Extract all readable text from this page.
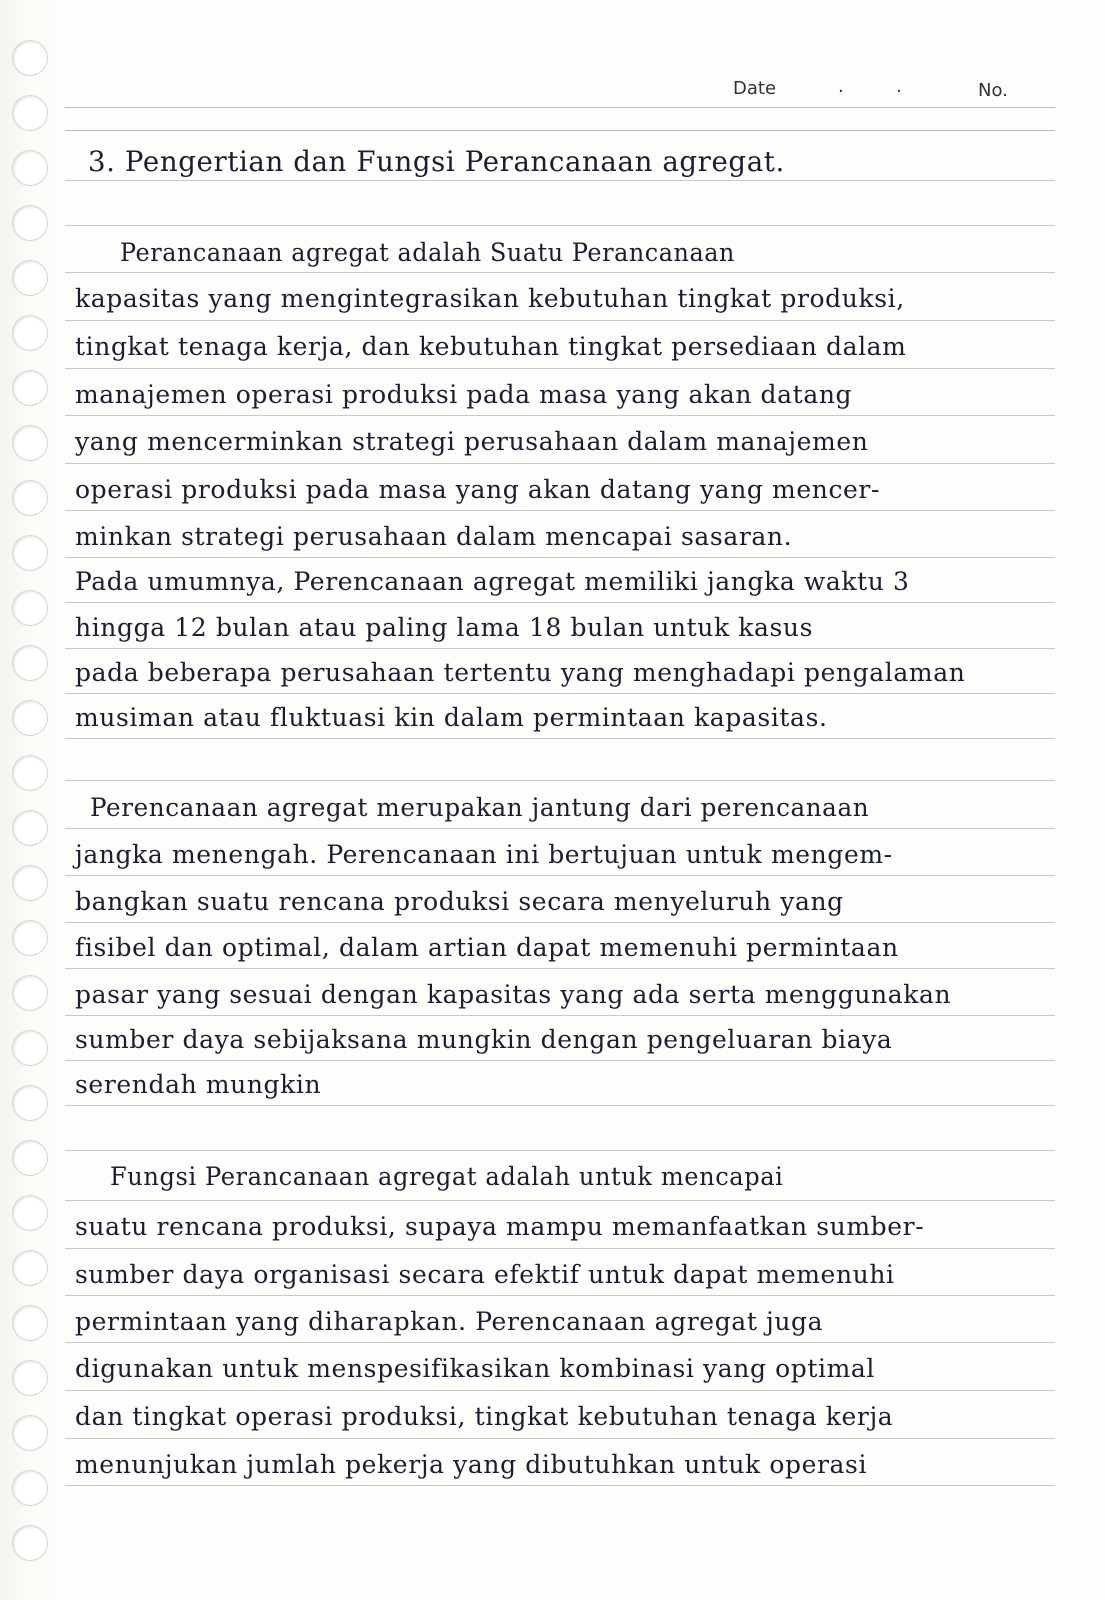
Date	.	.	No.
3. Pengertian dan Fungsi Perancanaan agregat.
Perancanaan agregat adalah Suatu Perancanaan
kapasitas yang mengintegrasikan kebutuhan tingkat produksi,
tingkat tenaga kerja, dan kebutuhan tingkat persediaan dalam
manajemen operasi produksi pada masa yang akan datang
yang mencerminkan strategi perusahaan dalam manajemen
operasi produksi pada masa yang akan datang yang mencer-
minkan strategi perusahaan dalam mencapai sasaran.
Pada umumnya, Perencanaan agregat memiliki jangka waktu 3
hingga 12 bulan atau paling lama 18 bulan untuk kasus
pada beberapa perusahaan tertentu yang menghadapi pengalaman
musiman atau fluktuasi kin dalam permintaan kapasitas.
Perencanaan agregat merupakan jantung dari perencanaan
jangka menengah. Perencanaan ini bertujuan untuk mengem-
bangkan suatu rencana produksi secara menyeluruh yang
fisibel dan optimal, dalam artian dapat memenuhi permintaan
pasar yang sesuai dengan kapasitas yang ada serta menggunakan
sumber daya sebijaksana mungkin dengan pengeluaran biaya
serendah mungkin
Fungsi Perancanaan agregat adalah untuk mencapai
suatu rencana produksi, supaya mampu memanfaatkan sumber-
sumber daya organisasi secara efektif untuk dapat memenuhi
permintaan yang diharapkan. Perencanaan agregat juga
digunakan untuk menspesifikasikan kombinasi yang optimal
dan tingkat operasi produksi, tingkat kebutuhan tenaga kerja
menunjukan jumlah pekerja yang dibutuhkan untuk operasi
